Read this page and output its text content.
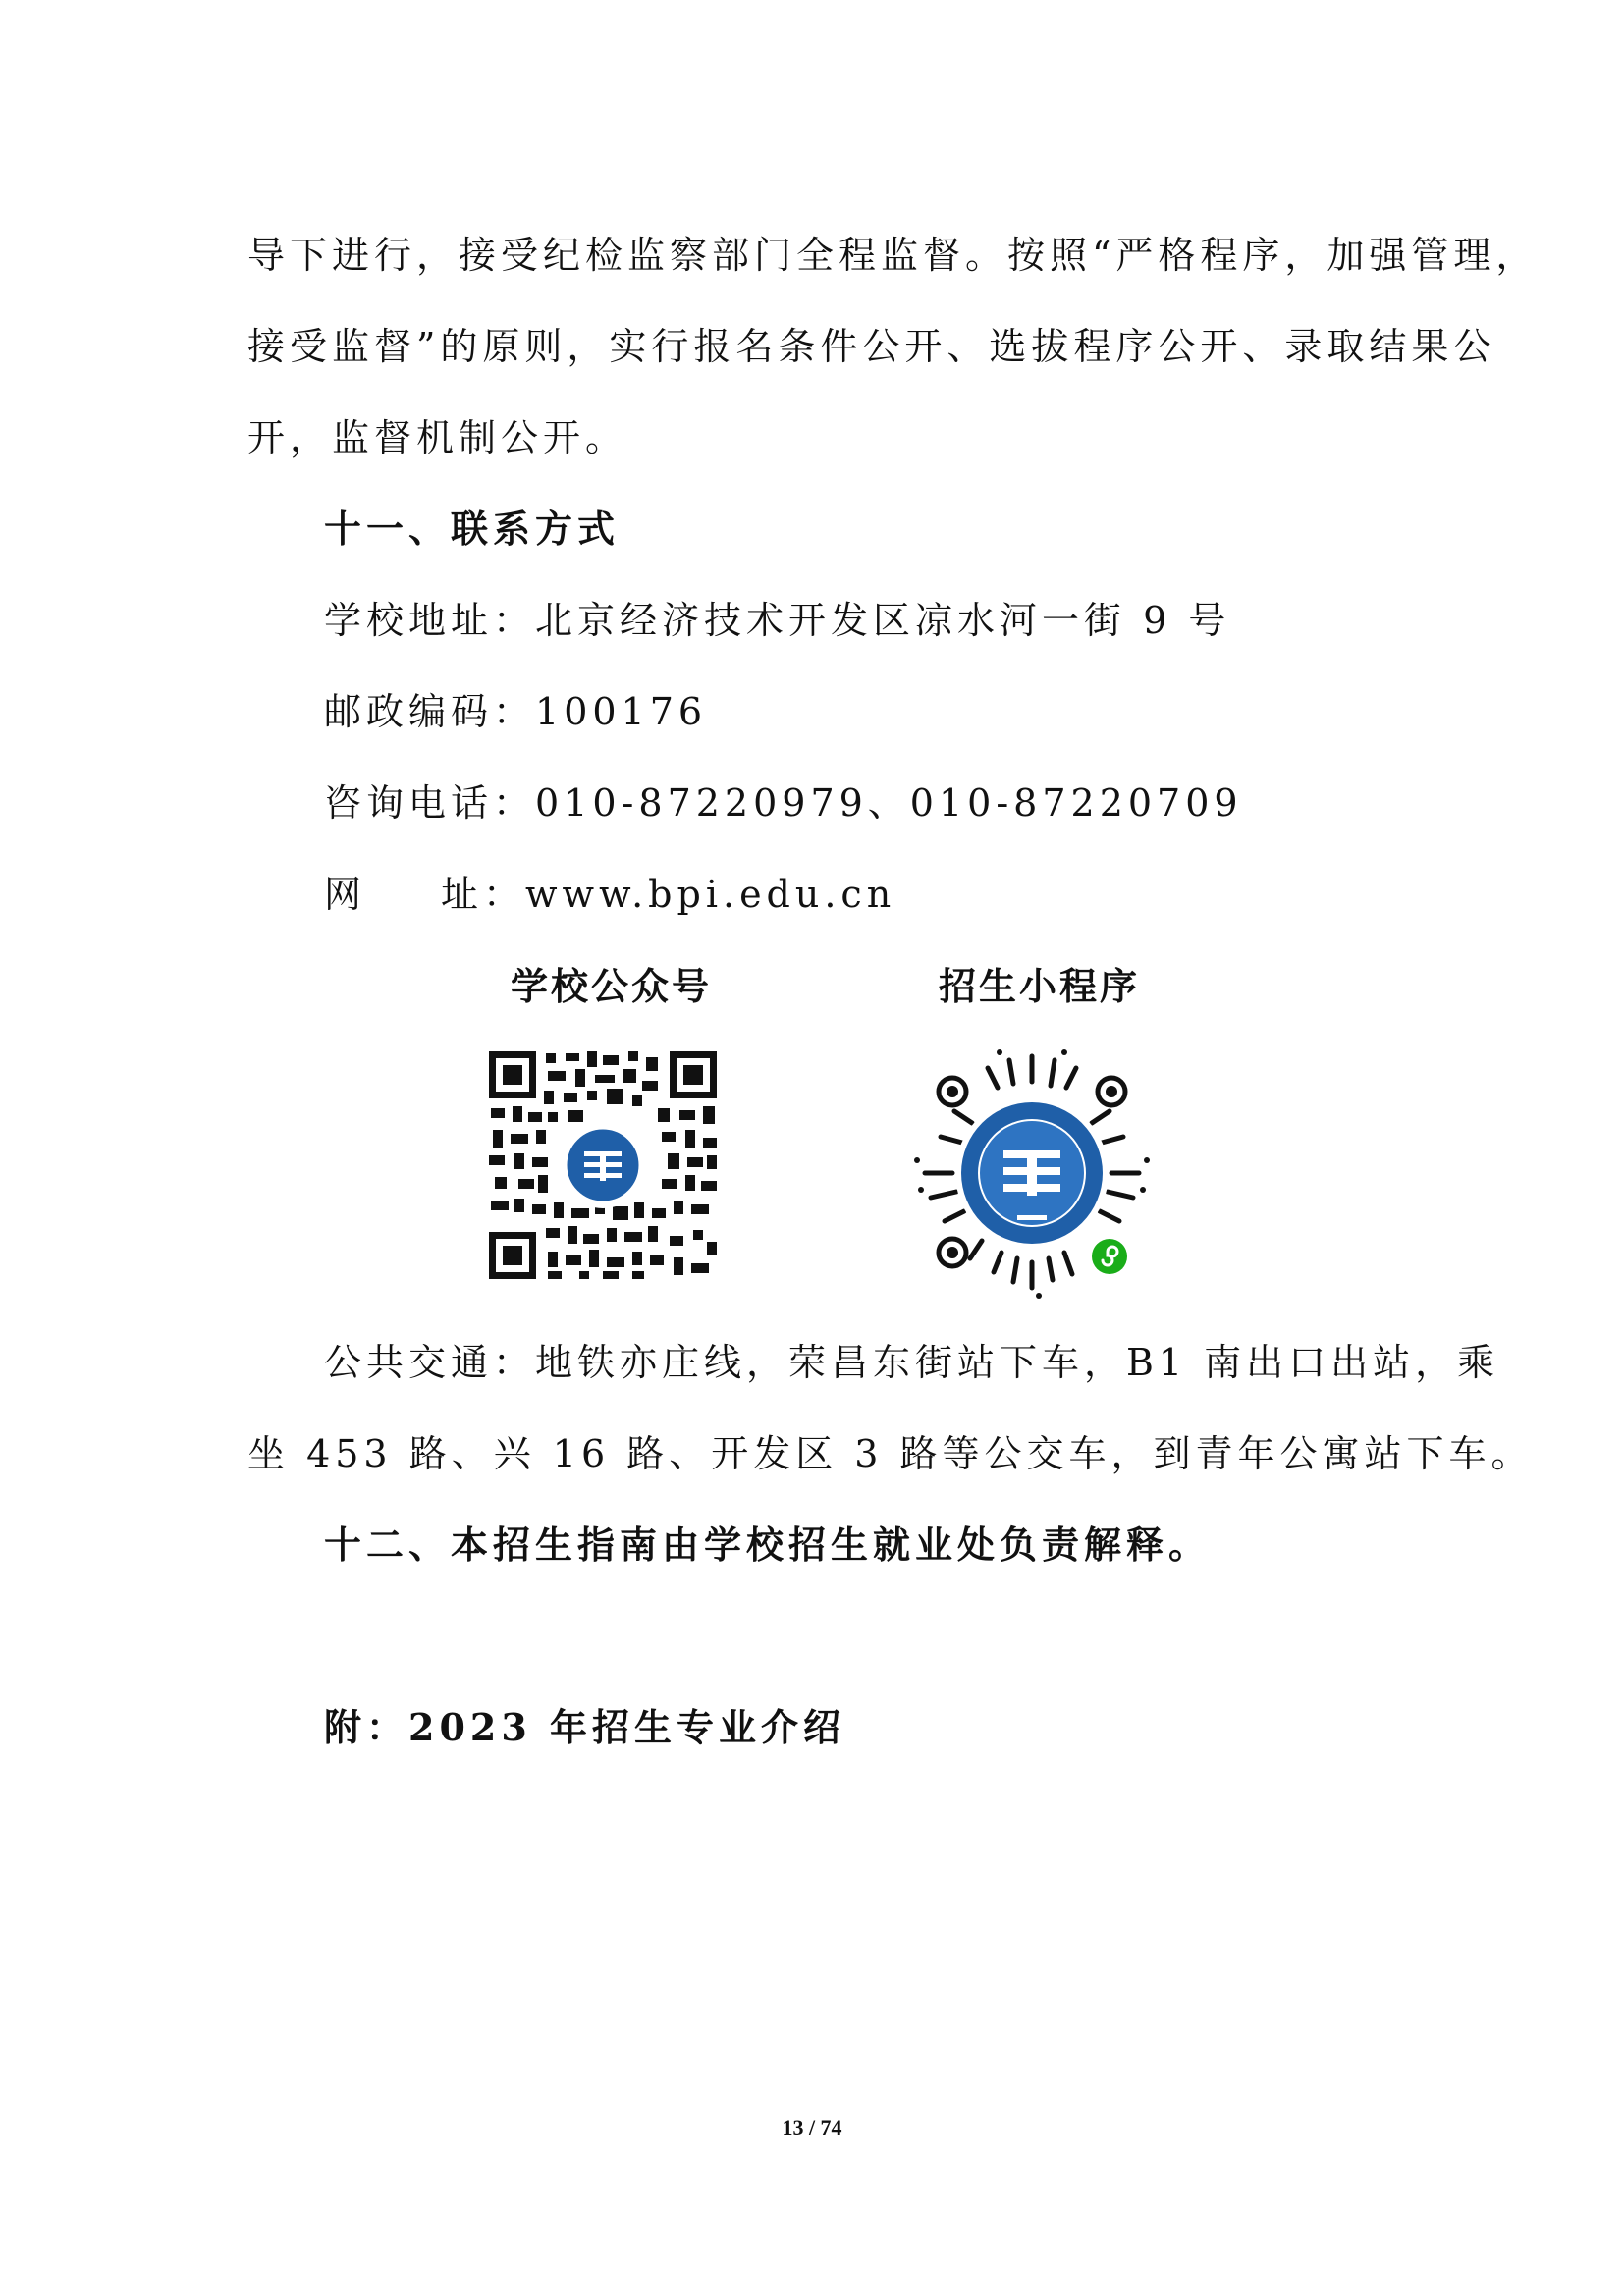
导下进行，接受纪检监察部门全程监督。按照“严格程序，加强管理，
接受监督”的原则，实行报名条件公开、选拔程序公开、录取结果公
开，监督机制公开。
十一、联系方式
学校地址：北京经济技术开发区凉水河一街 9 号
邮政编码：100176
咨询电话：010-87220979、010-87220709
网 址：www.bpi.edu.cn
学校公众号	招生小程序
公共交通：地铁亦庄线，荣昌东街站下车，B1 南出口出站，乘
坐 453 路、兴 16 路、开发区 3 路等公交车，到青年公寓站下车。
十二、本招生指南由学校招生就业处负责解释。
附：2023 年招生专业介绍
13 / 74
